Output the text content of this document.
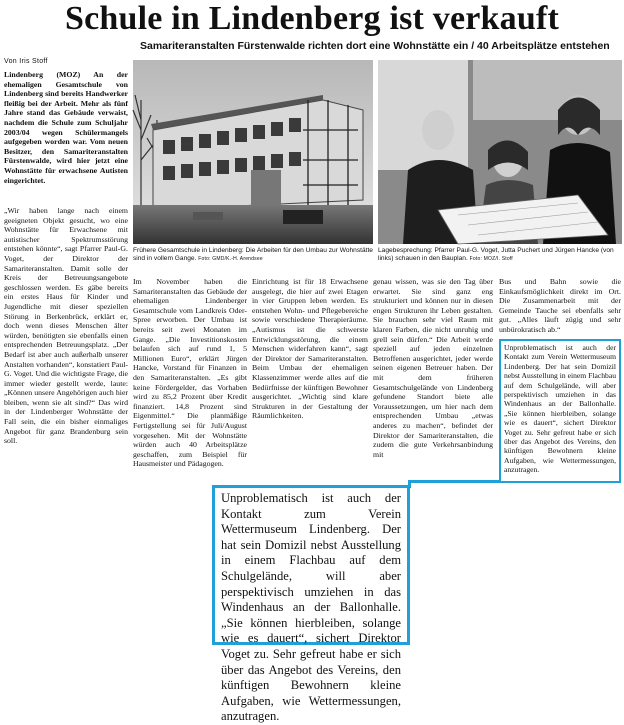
Schule in Lindenberg ist verkauft
Samariteranstalten Fürstenwalde richten dort eine Wohnstätte ein / 40 Arbeitsplätze entstehen
Von Iris Stoff
Lindenberg (MOZ) An der ehemaligen Gesamtschule von Lindenberg sind bereits Handwerker fleißig bei der Arbeit. Mehr als fünf Jahre stand das Gebäude verwaist, nachdem die Schule zum Schuljahr 2003/04 wegen Schülermangels aufgegeben worden war. Vom neuen Besitzer, den Samariteranstalten Fürstenwalde, wird hier jetzt eine Wohnstätte für erwachsene Autisten eingerichtet.
„Wir haben lange nach einem geeigneten Objekt gesucht, wo eine Wohnstätte für Erwachsene mit autistischer Spektrumsstörung entstehen könnte“, sagt Pfarrer Paul-G. Voget, der Direktor der Samariteranstalten. Damit solle der Kreis der Betreuungsangebote geschlossen werden. Es gäbe bereits ein erstes Haus für Kinder und Jugendliche mit dieser speziellen Störung in Berkenbrück, erklärt er, doch wenn dieses Menschen älter würden, benötigten sie ebenfalls einen entsprechenden Betreuungsplatz. „Der Bedarf ist aber auch außerhalb unserer Anstalten vorhanden“, konstatiert Paul-G. Voget. Und die wichtigste Frage, die immer wieder gestellt werde, laute: „Können unsere Angehörigen auch hier bleiben, wenn sie alt sind?“ Das wird in der Lindenberger Wohnstätte der Fall sein, die ein bisher einmaliges Angebot für ganz Brandenburg sein soll.
Frühere Gesamtschule in Lindenberg: Die Arbeiten für den Umbau zur Wohnstätte sind in vollem Gange. Foto: GMD/K.-H. Arendsee
Lagebesprechung: Pfarrer Paul-G. Voget, Jutta Puchert und Jürgen Hancke (von links) schauen in den Bauplan. Foto: MOZ/I. Stoff
Im November haben die Samariteranstalten das Gebäude der ehemaligen Lindenberger Gesamtschule vom Landkreis Oder-Spree erworben. Der Umbau ist bereits seit zwei Monaten im Gange. „Die Investitionskosten belaufen sich auf rund 1, 5 Millionen Euro“, erklärt Jürgen Hancke, Vorstand für Finanzen in den Samariteranstalten. „Es gibt keine Fördergelder, das Vorhaben wird zu 85,2 Prozent über Kredit finanziert. 14,8 Prozent sind Eigenmittel.“ Die planmäßige Fertigstellung sei für Juli/August vorgesehen. Mit der Wohnstätte würden auch 40 Arbeitsplätze geschaffen, zum Beispiel für Hausmeister und Pädagogen.
Einrichtung ist für 18 Erwachsene ausgelegt, die hier auf zwei Etagen in vier Gruppen leben werden. Es entstehen Wohn- und Pflegebereiche sowie verschiedene Therapieräume. „Autismus ist die schwerste Entwicklungsstörung, die einem Menschen widerfahren kann“, sagt der Direktor der Samariteranstalten. Beim Umbau der ehemaligen Klassenzimmer werde alles auf die Bedürfnisse der künftigen Bewohner ausgerichtet. „Wichtig sind klare Strukturen in der Gestaltung der Räumlichkeiten.
genau wissen, was sie den Tag über erwartet. Sie sind ganz eng strukturiert und können nur in diesen engen Strukturen ihr Leben gestalten. Sie brauchen sehr viel Raum mit klaren Farben, die nicht unruhig und grell sein dürfen.“ Die Arbeit werde speziell auf jeden einzelnen Betroffenen ausgerichtet, jeder werde seinen eigenen Betreuer haben. Der mit dem früheren Gesamtschulgelände von Lindenberg gefundene Standort biete alle Voraussetzungen, um hier nach dem entsprechenden Umbau „etwas anderes zu machen“, befindet der Direktor der Samariteranstalten, die zudem die gute Verkehrsanbindung mit
Bus und Bahn sowie die Einkaufsmöglichkeit direkt im Ort. Die Zusammenarbeit mit der Gemeinde Tauche sei ebenfalls sehr gut. „Alles läuft zügig und sehr unbürokratisch ab.“
Unproblematisch ist auch der Kontakt zum Verein Wettermuseum Lindenberg. Der hat sein Domizil nebst Ausstellung in einem Flachbau auf dem Schulgelände, will aber perspektivisch umziehen in das Windenhaus an der Ballonhalle. „Sie können hierbleiben, solange wie es dauert“, sichert Direktor Voget zu. Sehr gefreut habe er sich über das Angebot des Vereins, den künftigen Bewohnern kleine Aufgaben, wie Wettermessungen, anzutragen.
Unproblematisch ist auch der Kontakt zum Verein Wettermuseum Lindenberg. Der hat sein Domizil nebst Ausstellung in einem Flachbau auf dem Schulgelände, will aber perspektivisch umziehen in das Windenhaus an der Ballonhalle. „Sie können hierbleiben, solange wie es dauert“, sichert Direktor Voget zu. Sehr gefreut habe er sich über das Angebot des Vereins, den künftigen Bewohnern kleine Aufgaben, wie Wettermessungen, anzutragen.
